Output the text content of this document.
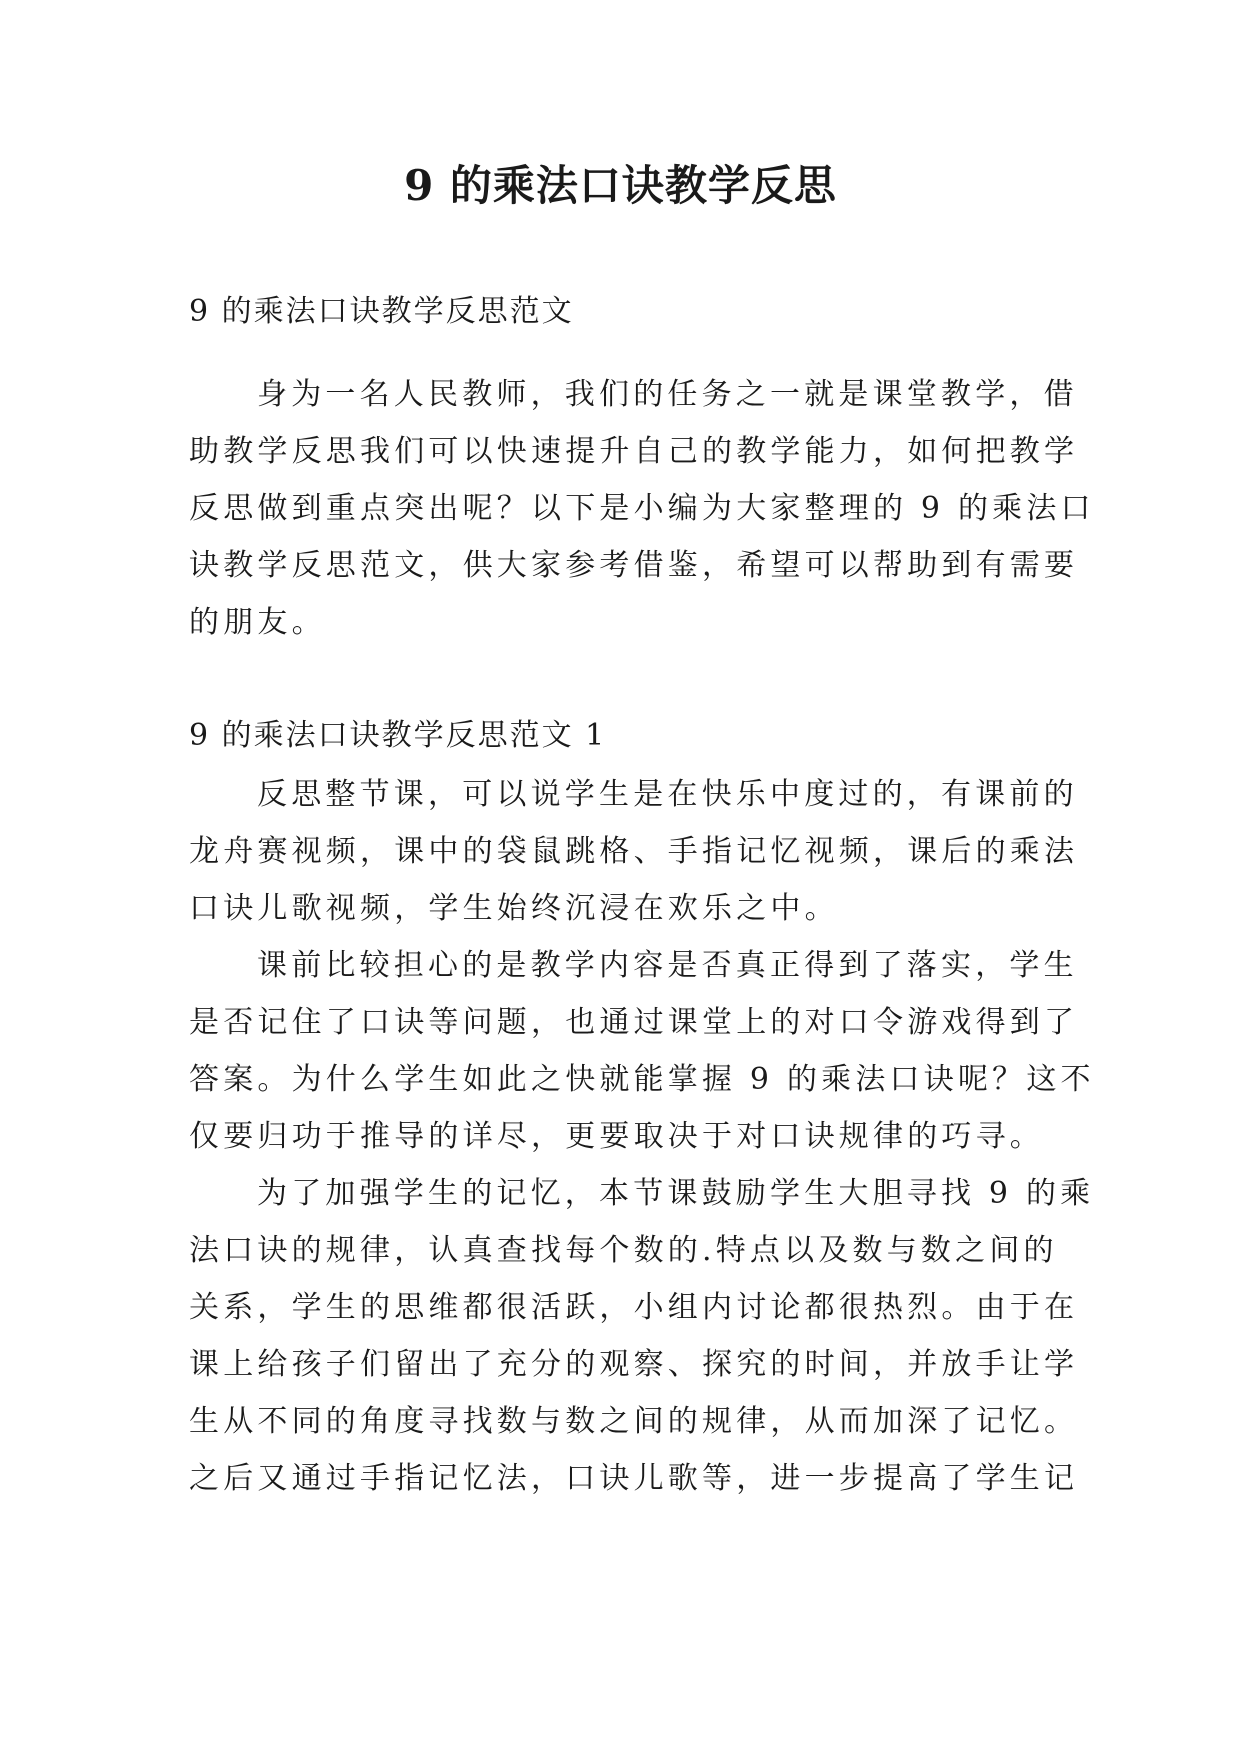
9 的乘法口诀教学反思

9 的乘法口诀教学反思范文

身为一名人民教师，我们的任务之一就是课堂教学，借
助教学反思我们可以快速提升自己的教学能力，如何把教学
反思做到重点突出呢？以下是小编为大家整理的 9 的乘法口
诀教学反思范文，供大家参考借鉴，希望可以帮助到有需要
的朋友。

9 的乘法口诀教学反思范文 1

反思整节课，可以说学生是在快乐中度过的，有课前的
龙舟赛视频，课中的袋鼠跳格、手指记忆视频，课后的乘法
口诀儿歌视频，学生始终沉浸在欢乐之中。
课前比较担心的是教学内容是否真正得到了落实，学生
是否记住了口诀等问题，也通过课堂上的对口令游戏得到了
答案。为什么学生如此之快就能掌握 9 的乘法口诀呢？这不
仅要归功于推导的详尽，更要取决于对口诀规律的巧寻。
为了加强学生的记忆，本节课鼓励学生大胆寻找 9 的乘
法口诀的规律，认真查找每个数的.特点以及数与数之间的
关系，学生的思维都很活跃，小组内讨论都很热烈。由于在
课上给孩子们留出了充分的观察、探究的时间，并放手让学
生从不同的角度寻找数与数之间的规律，从而加深了记忆。
之后又通过手指记忆法，口诀儿歌等，进一步提高了学生记
